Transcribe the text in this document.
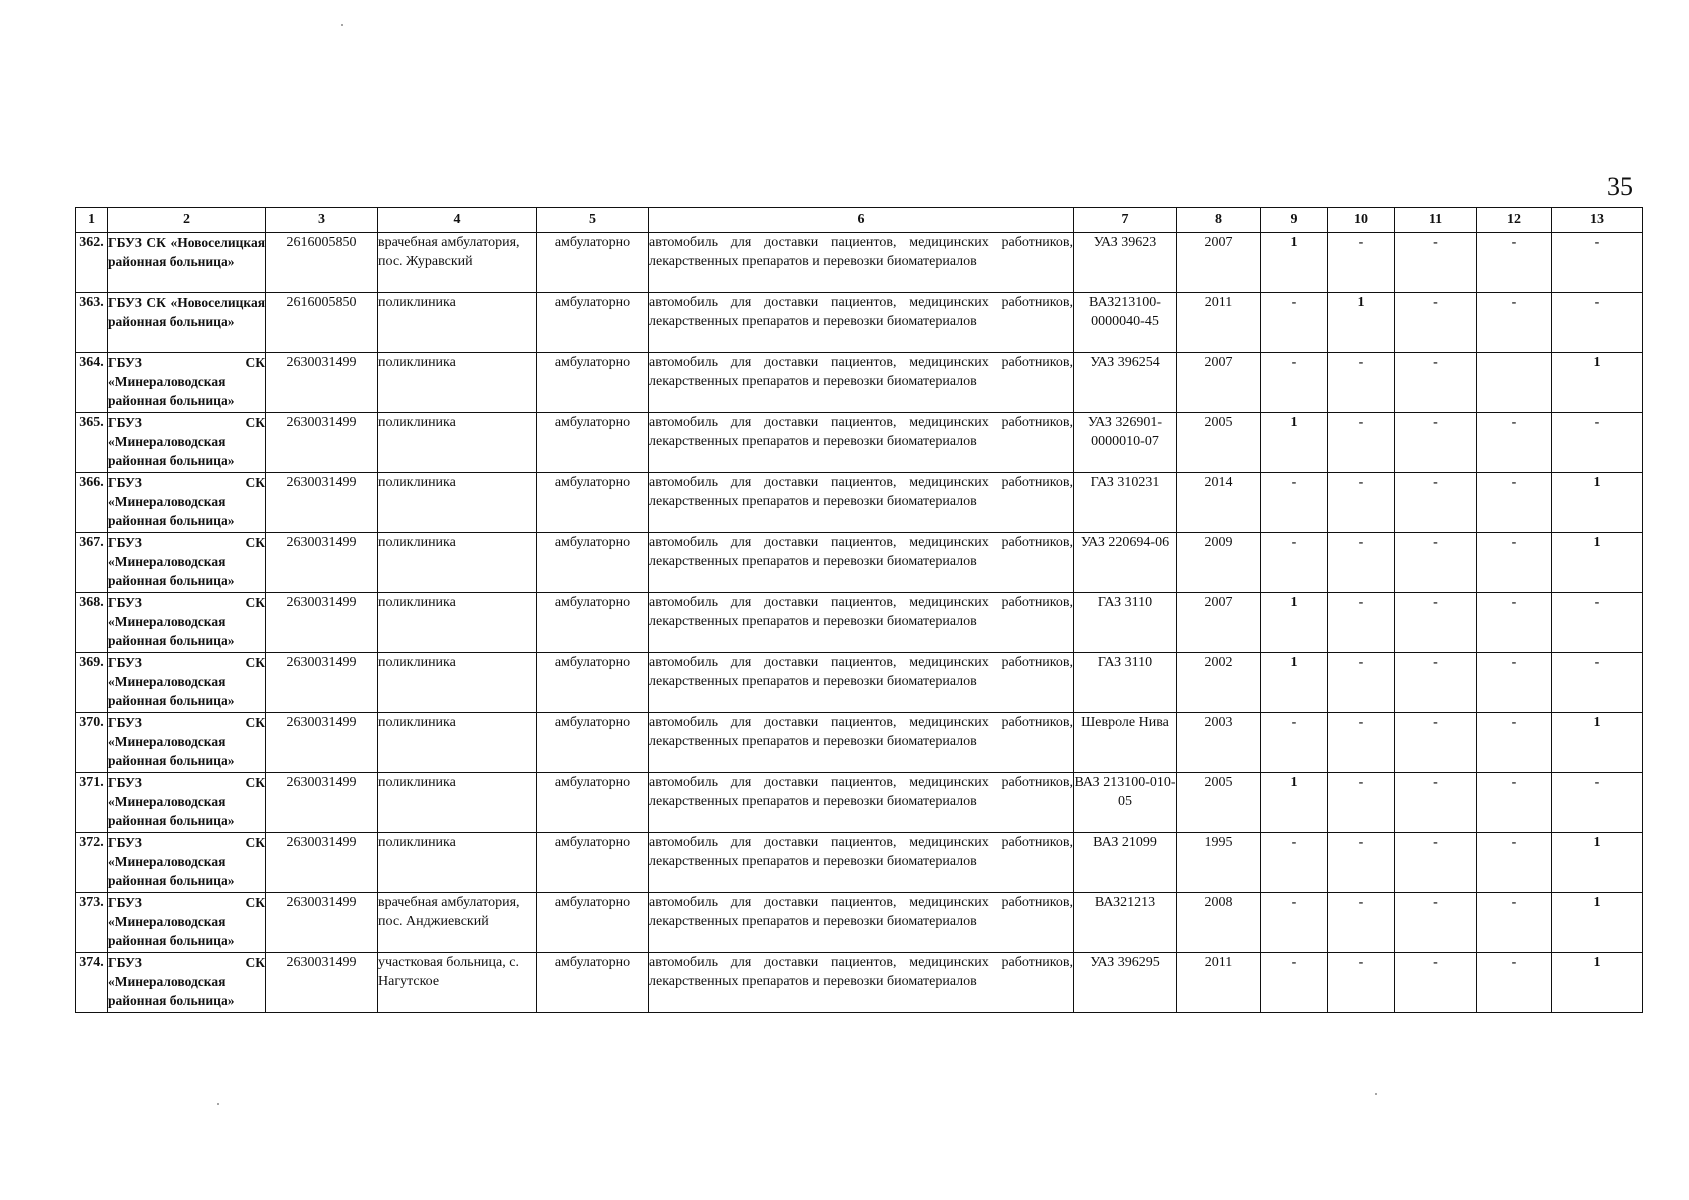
35
1	2	3	4	5	6	7	8	9	10	11	12	13
362.	ГБУЗ СК «Новоселицкая районная больница»	2616005850	врачебная амбулатория, пос. Журавский	амбулаторно	автомобиль для доставки пациентов, медицинских работников, лекарственных препаратов и перевозки биоматериалов	УАЗ 39623	2007	1	-	-	-	-
363.	ГБУЗ СК «Новоселицкая районная больница»	2616005850	поликлиника	амбулаторно	автомобиль для доставки пациентов, медицинских работников, лекарственных препаратов и перевозки биоматериалов	ВАЗ213100-0000040-45	2011	-	1	-	-	-
364.	ГБУЗ СК «Минераловодская районная больница»	2630031499	поликлиника	амбулаторно	автомобиль для доставки пациентов, медицинских работников, лекарственных препаратов и перевозки биоматериалов	УАЗ 396254	2007	-	-	-		1
365.	ГБУЗ СК «Минераловодская районная больница»	2630031499	поликлиника	амбулаторно	автомобиль для доставки пациентов, медицинских работников, лекарственных препаратов и перевозки биоматериалов	УАЗ 326901-0000010-07	2005	1	-	-	-	-
366.	ГБУЗ СК «Минераловодская районная больница»	2630031499	поликлиника	амбулаторно	автомобиль для доставки пациентов, медицинских работников, лекарственных препаратов и перевозки биоматериалов	ГАЗ 310231	2014	-	-	-	-	1
367.	ГБУЗ СК «Минераловодская районная больница»	2630031499	поликлиника	амбулаторно	автомобиль для доставки пациентов, медицинских работников, лекарственных препаратов и перевозки биоматериалов	УАЗ 220694-06	2009	-	-	-	-	1
368.	ГБУЗ СК «Минераловодская районная больница»	2630031499	поликлиника	амбулаторно	автомобиль для доставки пациентов, медицинских работников, лекарственных препаратов и перевозки биоматериалов	ГАЗ 3110	2007	1	-	-	-	-
369.	ГБУЗ СК «Минераловодская районная больница»	2630031499	поликлиника	амбулаторно	автомобиль для доставки пациентов, медицинских работников, лекарственных препаратов и перевозки биоматериалов	ГАЗ 3110	2002	1	-	-	-	-
370.	ГБУЗ СК «Минераловодская районная больница»	2630031499	поликлиника	амбулаторно	автомобиль для доставки пациентов, медицинских работников, лекарственных препаратов и перевозки биоматериалов	Шевроле Нива	2003	-	-	-	-	1
371.	ГБУЗ СК «Минераловодская районная больница»	2630031499	поликлиника	амбулаторно	автомобиль для доставки пациентов, медицинских работников, лекарственных препаратов и перевозки биоматериалов	ВАЗ 213100-010-05	2005	1	-	-	-	-
372.	ГБУЗ СК «Минераловодская районная больница»	2630031499	поликлиника	амбулаторно	автомобиль для доставки пациентов, медицинских работников, лекарственных препаратов и перевозки биоматериалов	ВАЗ 21099	1995	-	-	-	-	1
373.	ГБУЗ СК «Минераловодская районная больница»	2630031499	врачебная амбулатория, пос. Анджиевский	амбулаторно	автомобиль для доставки пациентов, медицинских работников, лекарственных препаратов и перевозки биоматериалов	ВАЗ21213	2008	-	-	-	-	1
374.	ГБУЗ СК «Минераловодская районная больница»	2630031499	участковая больница, с. Нагутское	амбулаторно	автомобиль для доставки пациентов, медицинских работников, лекарственных препаратов и перевозки биоматериалов	УАЗ 396295	2011	-	-	-	-	1
